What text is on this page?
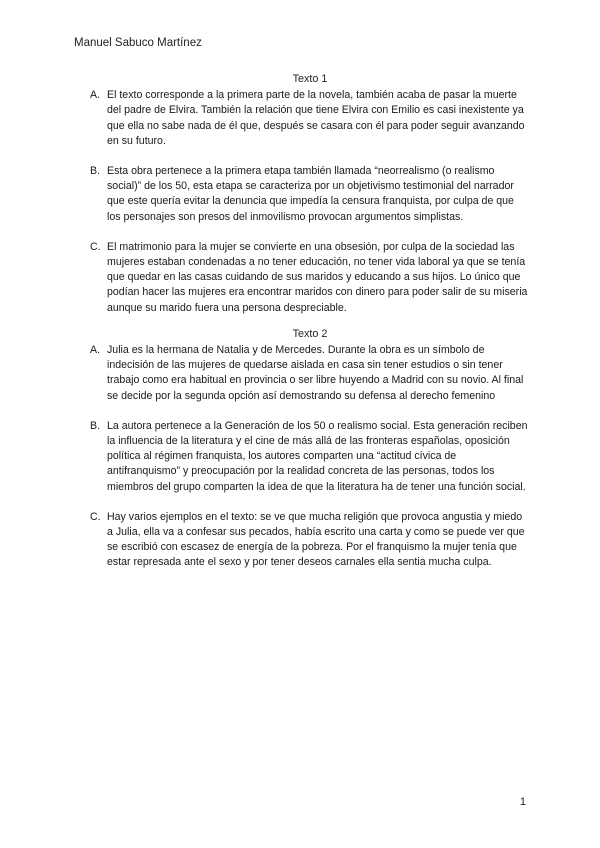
Manuel Sabuco Martínez
Texto 1
A. El texto corresponde a la primera parte de la novela, también acaba de pasar la muerte del padre de Elvira. También la relación que tiene Elvira con Emilio es casi inexistente ya que ella no sabe nada de él que, después se casara con él para poder seguir avanzando en su futuro.
B. Esta obra pertenece a la primera etapa también llamada “neorrealismo (o realismo social)” de los 50, esta etapa se caracteriza por un objetivismo testimonial del narrador que este quería evitar la denuncia que impedía la censura franquista, por culpa de que los personajes son presos del inmovilismo provocan argumentos simplistas.
C. El matrimonio para la mujer se convierte en una obsesión, por culpa de la sociedad las mujeres estaban condenadas a no tener educación, no tener vida laboral ya que se tenía que quedar en las casas cuidando de sus maridos y educando a sus hijos. Lo único que podían hacer las mujeres era encontrar maridos con dinero para poder salir de su miseria aunque su marido fuera una persona despreciable.
Texto 2
A. Julia es la hermana de Natalia y de Mercedes. Durante la obra es un símbolo de indecisión de las mujeres de quedarse aislada en casa sin tener estudios o sin tener trabajo como era habitual en provincia o ser libre huyendo a Madrid con su novio. Al final se decide por la segunda opción así demostrando su defensa al derecho femenino
B. La autora pertenece a la Generación de los 50 o realismo social. Esta generación reciben la influencia de la literatura y el cine de más allá de las fronteras españolas, oposición política al régimen franquista, los autores comparten una “actitud cívica de antifranquismo” y preocupación por la realidad concreta de las personas, todos los miembros del grupo comparten la idea de que la literatura ha de tener una función social.
C. Hay varios ejemplos en el texto: se ve que mucha religión que provoca angustia y miedo a Julia, ella va a confesar sus pecados, había escrito una carta y como se puede ver que se escribió con escasez de energía de la pobreza. Por el franquismo la mujer tenía que estar represada ante el sexo y por tener deseos carnales ella sentia mucha culpa.
1
